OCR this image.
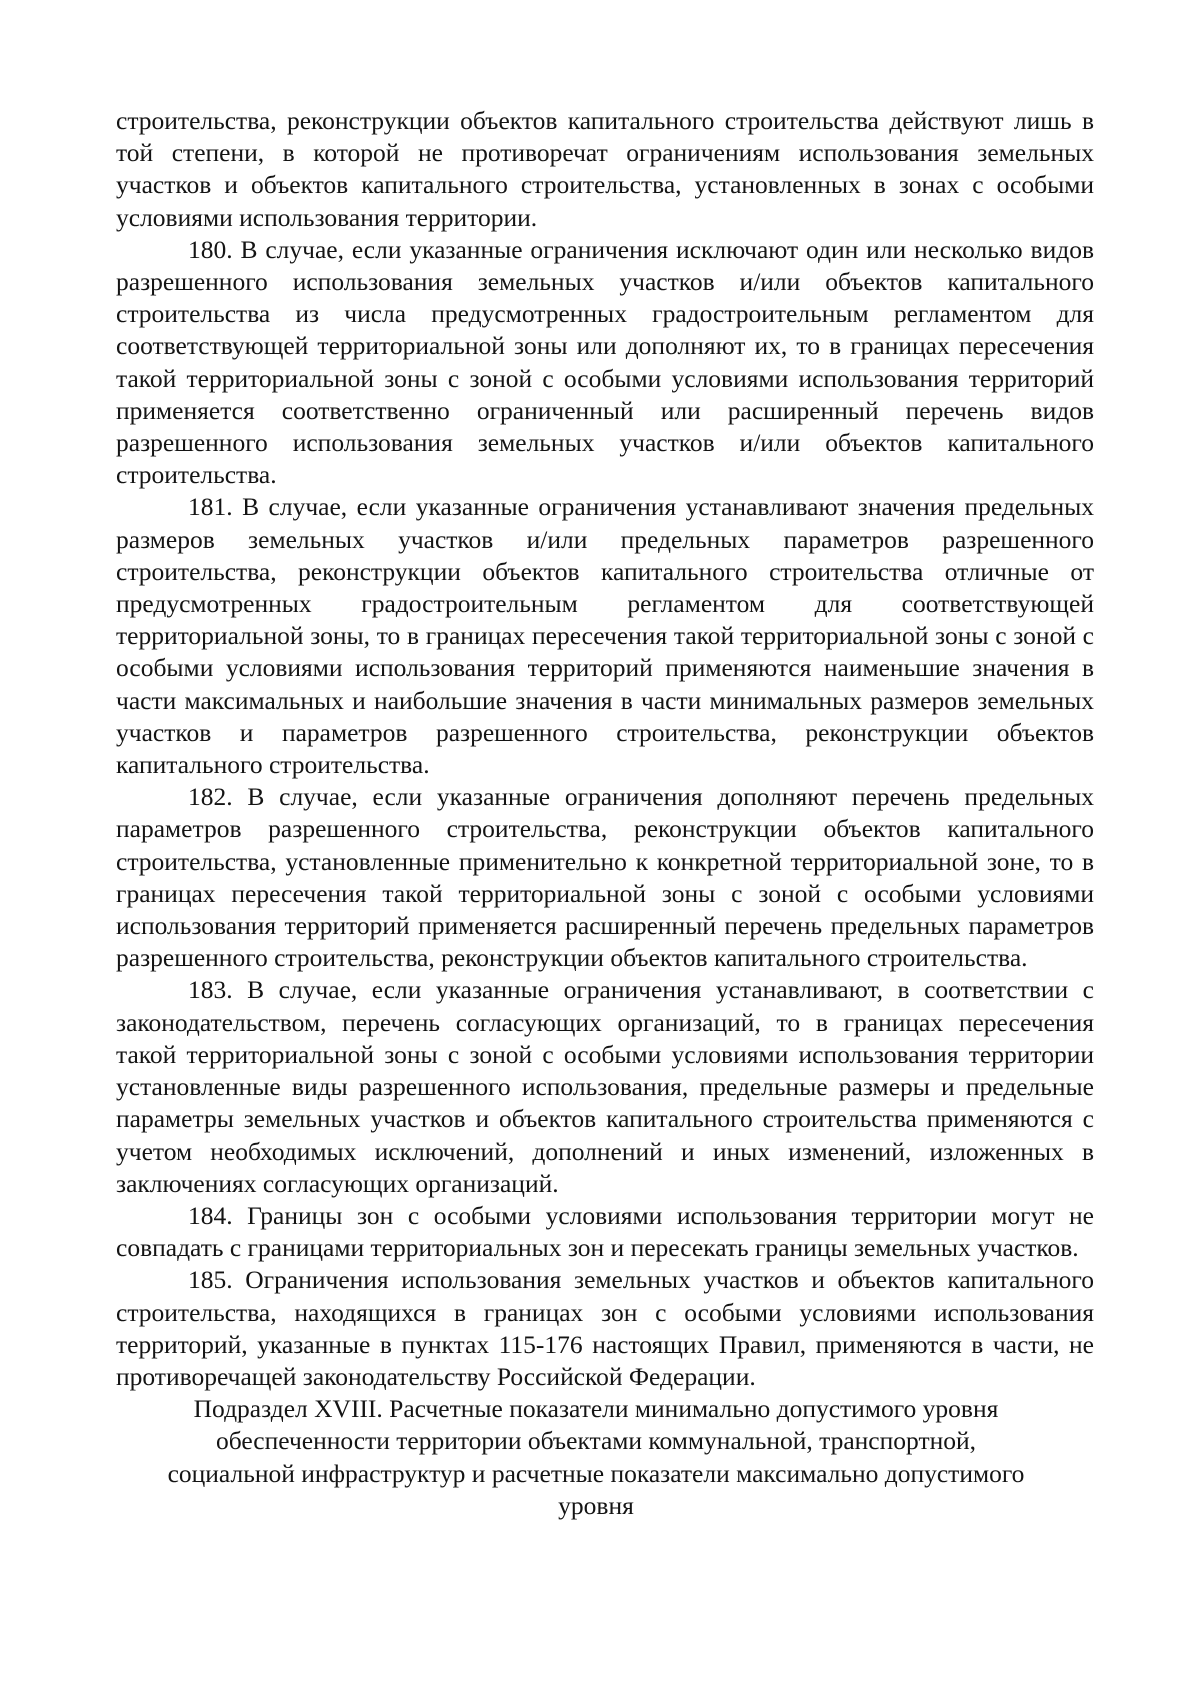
строительства, реконструкции объектов капитального строительства действуют лишь в той степени, в которой не противоречат ограничениям использования земельных участков и объектов капитального строительства, установленных в зонах с особыми условиями использования территории.

180. В случае, если указанные ограничения исключают один или несколько видов разрешенного использования земельных участков и/или объектов капитального строительства из числа предусмотренных градостроительным регламентом для соответствующей территориальной зоны или дополняют их, то в границах пересечения такой территориальной зоны с зоной с особыми условиями использования территорий применяется соответственно ограниченный или расширенный перечень видов разрешенного использования земельных участков и/или объектов капитального строительства.

181. В случае, если указанные ограничения устанавливают значения предельных размеров земельных участков и/или предельных параметров разрешенного строительства, реконструкции объектов капитального строительства отличные от предусмотренных градостроительным регламентом для соответствующей территориальной зоны, то в границах пересечения такой территориальной зоны с зоной с особыми условиями использования территорий применяются наименьшие значения в части максимальных и наибольшие значения в части минимальных размеров земельных участков и параметров разрешенного строительства, реконструкции объектов капитального строительства.

182. В случае, если указанные ограничения дополняют перечень предельных параметров разрешенного строительства, реконструкции объектов капитального строительства, установленные применительно к конкретной территориальной зоне, то в границах пересечения такой территориальной зоны с зоной с особыми условиями использования территорий применяется расширенный перечень предельных параметров разрешенного строительства, реконструкции объектов капитального строительства.

183. В случае, если указанные ограничения устанавливают, в соответствии с законодательством, перечень согласующих организаций, то в границах пересечения такой территориальной зоны с зоной с особыми условиями использования территории установленные виды разрешенного использования, предельные размеры и предельные параметры земельных участков и объектов капитального строительства применяются с учетом необходимых исключений, дополнений и иных изменений, изложенных в заключениях согласующих организаций.

184. Границы зон с особыми условиями использования территории могут не совпадать с границами территориальных зон и пересекать границы земельных участков.

185. Ограничения использования земельных участков и объектов капитального строительства, находящихся в границах зон с особыми условиями использования территорий, указанные в пунктах 115-176 настоящих Правил, применяются в части, не противоречащей законодательству Российской Федерации.

Подраздел XVIII. Расчетные показатели минимально допустимого уровня обеспеченности территории объектами коммунальной, транспортной, социальной инфраструктур и расчетные показатели максимально допустимого уровня
